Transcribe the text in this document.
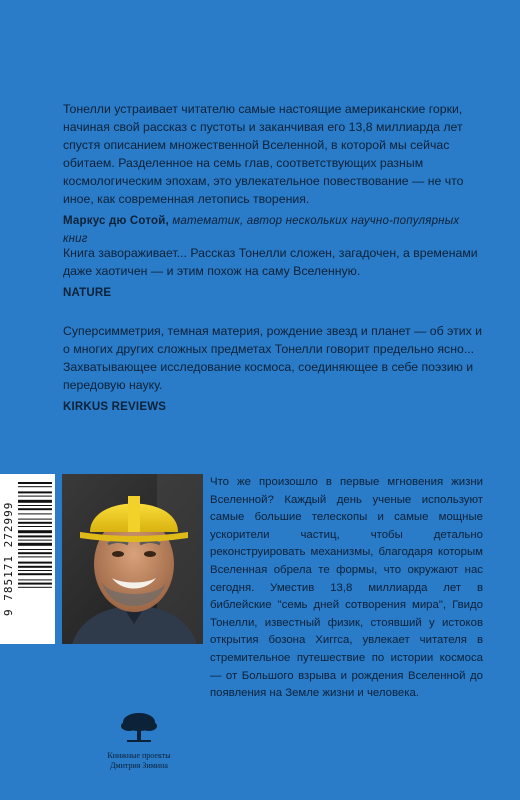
Тонелли устраивает читателю самые настоящие американские горки, начиная свой рассказ с пустоты и заканчивая его 13,8 миллиарда лет спустя описанием множественной Вселенной, в которой мы сейчас обитаем. Разделенное на семь глав, соответствующих разным космологическим эпохам, это увлекательное повествование — не что иное, как современная летопись творения.
Маркус дю Сотой, математик, автор нескольких научно-популярных книг
Книга завораживает... Рассказ Тонелли сложен, загадочен, а временами даже хаотичен — и этим похож на саму Вселенную.
NATURE
Суперсимметрия, темная материя, рождение звезд и планет — об этих и о многих других сложных предметах Тонелли говорит предельно ясно... Захватывающее исследование космоса, соединяющее в себе поэзию и передовую науку.
KIRKUS REVIEWS
9 785171 272999
Что же произошло в первые мгновения жизни Вселенной? Каждый день ученые используют самые большие телескопы и самые мощные ускорители частиц, чтобы детально реконструировать механизмы, благодаря которым Вселенная обрела те формы, что окружают нас сегодня. Уместив 13,8 миллиарда лет в библейские "семь дней сотворения мира", Гвидо Тонелли, известный физик, стоявший у истоков открытия бозона Хиггса, увлекает читателя в стремительное путешествие по истории космоса — от Большого взрыва и рождения Вселенной до появления на Земле жизни и человека.
Книжные проекты
Дмитрия Зимина
